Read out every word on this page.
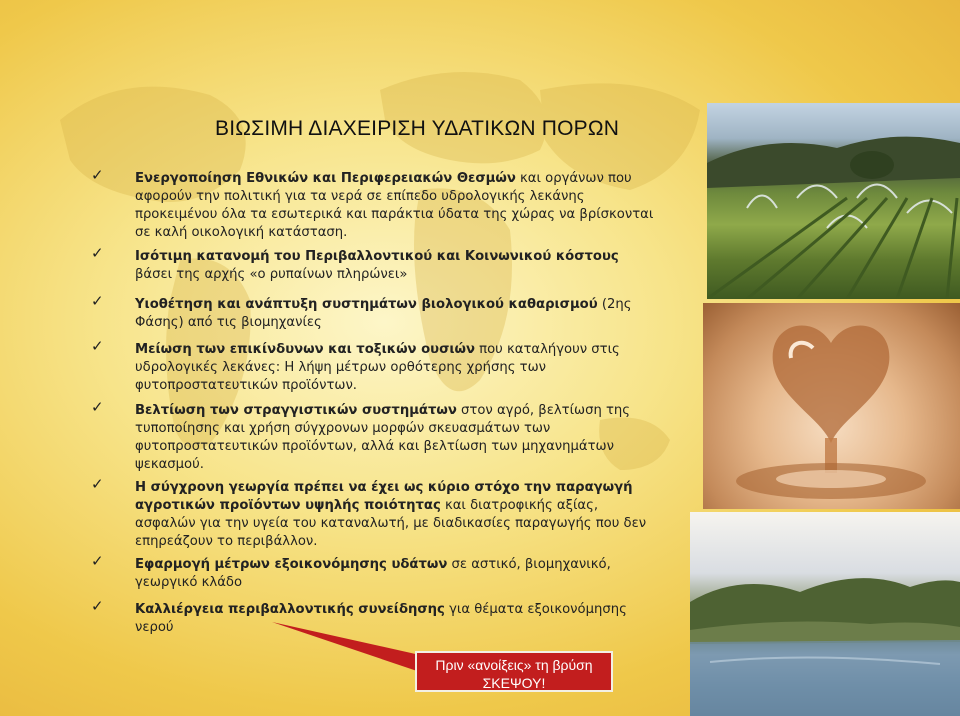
ΒΙΩΣΙΜΗ ΔΙΑΧΕΙΡΙΣΗ ΥΔΑΤΙΚΩΝ ΠΟΡΩΝ
✓ Ενεργοποίηση Εθνικών και Περιφερειακών Θεσμών και οργάνων που αφορούν την πολιτική για τα νερά σε επίπεδο υδρολογικής λεκάνης προκειμένου όλα τα εσωτερικά και παράκτια ύδατα της χώρας να βρίσκονται σε καλή οικολογική κατάσταση.
✓ Ισότιμη κατανομή του Περιβαλλοντικού και Κοινωνικού κόστους βάσει της αρχής «ο ρυπαίνων πληρώνει»
✓ Υιοθέτηση και ανάπτυξη συστημάτων βιολογικού καθαρισμού (2ης Φάσης) από τις βιομηχανίες
✓ Μείωση των επικίνδυνων και τοξικών ουσιών που καταλήγουν στις υδρολογικές λεκάνες: Η λήψη μέτρων ορθότερης χρήσης των φυτοπροστατευτικών προϊόντων.
✓ Βελτίωση των στραγγιστικών συστημάτων στον αγρό, βελτίωση της τυποποίησης και χρήση σύγχρονων μορφών σκευασμάτων των φυτοπροστατευτικών προϊόντων, αλλά και βελτίωση των μηχανημάτων ψεκασμού.
✓ Η σύγχρονη γεωργία πρέπει να έχει ως κύριο στόχο την παραγωγή αγροτικών προϊόντων υψηλής ποιότητας και διατροφικής αξίας, ασφαλών για την υγεία του καταναλωτή, με διαδικασίες παραγωγής που δεν επηρεάζουν το περιβάλλον.
✓ Εφαρμογή μέτρων εξοικονόμησης υδάτων σε αστικό, βιομηχανικό, γεωργικό κλάδο
✓ Καλλιέργεια περιβαλλοντικής συνείδησης για θέματα εξοικονόμησης νερού
Πριν «ανοίξεις» τη βρύση
ΣΚΕΨΟΥ!
